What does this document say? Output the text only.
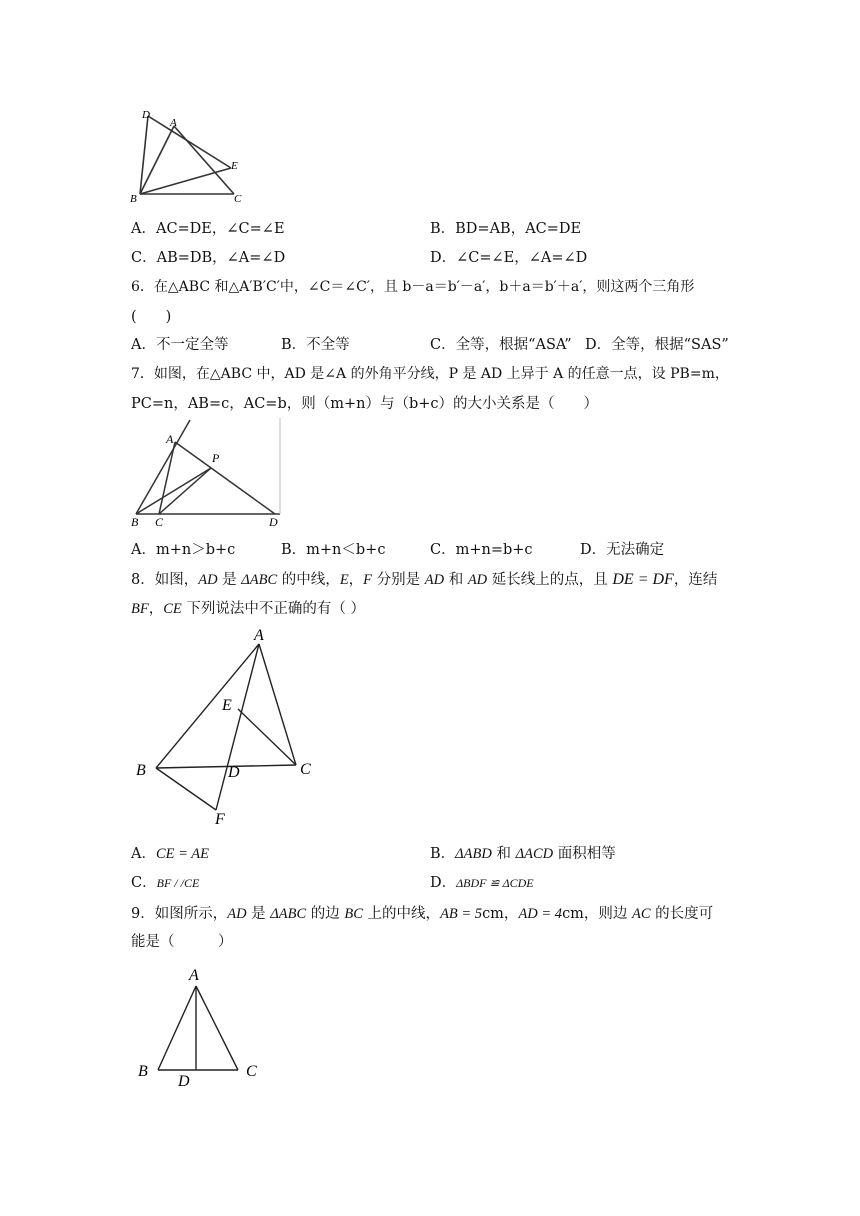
D
A
E
B	C
A．AC=DE，∠C=∠E	B．BD=AB，AC=DE
C．AB=DB，∠A=∠D	D．∠C=∠E，∠A=∠D
6．在△ABC 和△A′B′C′中，∠C＝∠C′，且 b－a＝b′－a′，b＋a＝b′＋a′，则这两个三角形
(　　)
A．不一定全等	B．不全等	C．全等，根据“ASA” D．全等，根据“SAS”
7．如图，在△ABC 中，AD 是∠A 的外角平分线，P 是 AD 上异于 A 的任意一点，设 PB=m，
PC=n，AB=c，AC=b，则（m+n）与（b+c）的大小关系是（　　）
A
P
B C	D
A．m+n＞b+c	B．m+n＜b+c	C．m+n=b+c	D．无法确定
8．如图，AD 是 ΔABC 的中线，E，F 分别是 AD 和 AD 延长线上的点，且 DE = DF，连结
BF，CE 下列说法中不正确的有（ ）
A
E
B	D	C
F
A．CE = AE	B．ΔABD 和 ΔACD 面积相等
C．BF / /CE	D．ΔBDF ≌ ΔCDE
9．如图所示，AD 是 ΔABC 的边 BC 上的中线，AB = 5cm，AD = 4cm，则边 AC 的长度可
能是（　　　）
A
B
D
C
